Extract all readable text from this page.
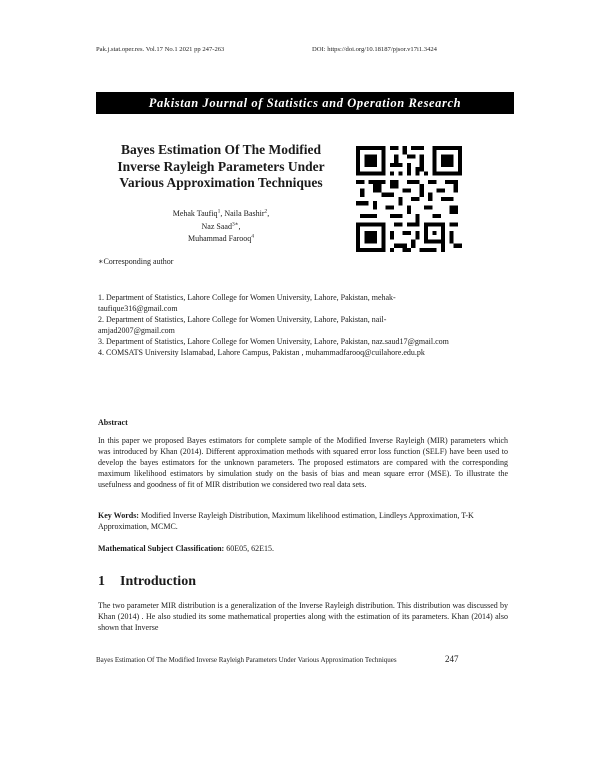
Pak.j.stat.oper.res. Vol.17 No.1 2021 pp 247-263	DOI: https://doi.org/10.18187/pjsor.v17i1.3424
Pakistan Journal of Statistics and Operation Research
Bayes Estimation Of The Modified
Inverse Rayleigh Parameters Under
Various Approximation Techniques
Mehak Taufiq$^1$, Naila Bashir$^2$,
Naz Saad$^{3∗}$,
Muhammad Farooq$^4$
∗Corresponding author
1. Department of Statistics, Lahore College for Women University, Lahore, Pakistan, mehak-
taufique316@gmail.com
2. Department of Statistics, Lahore College for Women University, Lahore, Pakistan, nail-
amjad2007@gmail.com
3. Department of Statistics, Lahore College for Women University, Lahore, Pakistan, naz.saud17@gmail.com
4. COMSATS University Islamabad, Lahore Campus, Pakistan , muhammadfarooq@cuilahore.edu.pk
Abstract
In this paper we proposed Bayes estimators for complete sample of the Modified Inverse Rayleigh (MIR) parameters which was introduced by Khan (2014). Different approximation methods with squared error loss function (SELF) have been used to develop the bayes estimators for the unknown parameters. The proposed estimators are compared with the corresponding maximum likelihood estimators by simulation study on the basis of bias and mean square error (MSE). To illustrate the usefulness and goodness of fit of MIR distribution we considered two real data sets.
Key Words: Modified Inverse Rayleigh Distribution, Maximum likelihood estimation, Lindleys Approximation, T-K Approximation, MCMC.
Mathematical Subject Classification: 60E05, 62E15.
1 Introduction
The two parameter MIR distribution is a generalization of the Inverse Rayleigh distribution. This distribution was discussed by Khan (2014) . He also studied its some mathematical properties along with the estimation of its parameters. Khan (2014) also shown that Inverse
Bayes Estimation Of The Modified Inverse Rayleigh Parameters Under Various Approximation Techniques	247
